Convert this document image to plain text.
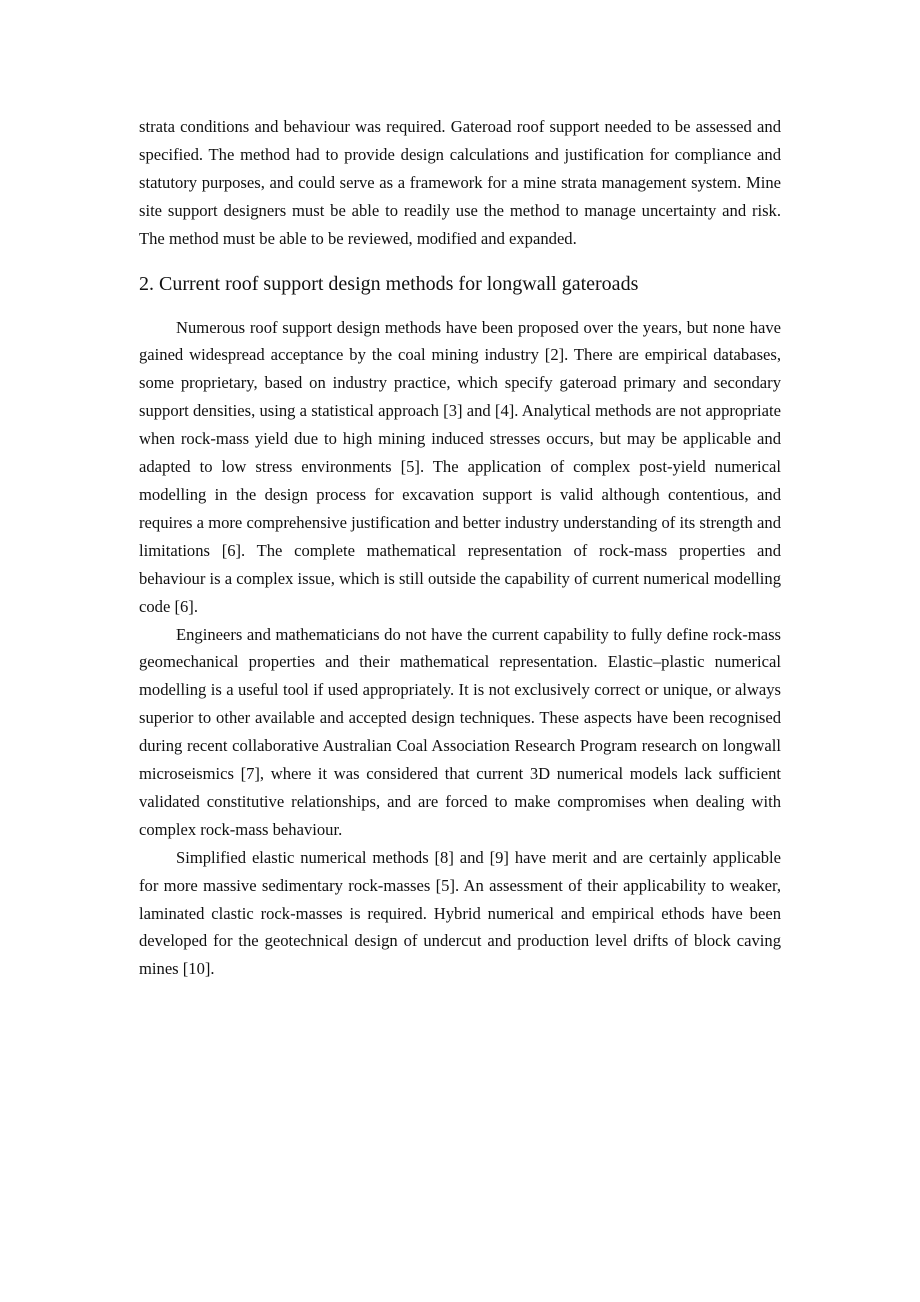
strata conditions and behaviour was required. Gateroad roof support needed to be assessed and specified. The method had to provide design calculations and justification for compliance and statutory purposes, and could serve as a framework for a mine strata management system. Mine site support designers must be able to readily use the method to manage uncertainty and risk. The method must be able to be reviewed, modified and expanded.

2. Current roof support design methods for longwall gateroads

Numerous roof support design methods have been proposed over the years, but none have gained widespread acceptance by the coal mining industry [2]. There are empirical databases, some proprietary, based on industry practice, which specify gateroad primary and secondary support densities, using a statistical approach [3] and [4]. Analytical methods are not appropriate when rock-mass yield due to high mining induced stresses occurs, but may be applicable and adapted to low stress environments [5]. The application of complex post-yield numerical modelling in the design process for excavation support is valid although contentious, and requires a more comprehensive justification and better industry understanding of its strength and limitations [6]. The complete mathematical representation of rock-mass properties and behaviour is a complex issue, which is still outside the capability of current numerical modelling code [6].

Engineers and mathematicians do not have the current capability to fully define rock-mass geomechanical properties and their mathematical representation. Elastic–plastic numerical modelling is a useful tool if used appropriately. It is not exclusively correct or unique, or always superior to other available and accepted design techniques. These aspects have been recognised during recent collaborative Australian Coal Association Research Program research on longwall microseismics [7], where it was considered that current 3D numerical models lack sufficient validated constitutive relationships, and are forced to make compromises when dealing with complex rock-mass behaviour.

Simplified elastic numerical methods [8] and [9] have merit and are certainly applicable for more massive sedimentary rock-masses [5]. An assessment of their applicability to weaker, laminated clastic rock-masses is required. Hybrid numerical and empirical ethods have been developed for the geotechnical design of undercut and production level drifts of block caving mines [10].
